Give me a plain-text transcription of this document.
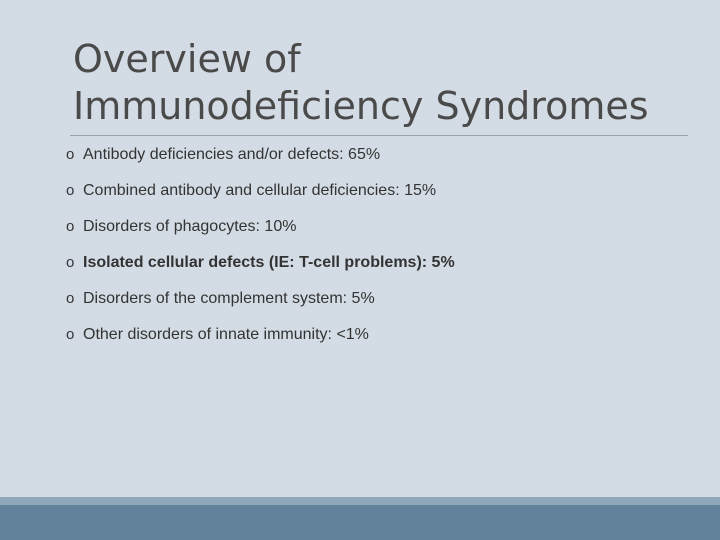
Overview of
Immunodeficiency Syndromes
o Antibody deficiencies and/or defects: 65%
o Combined antibody and cellular deficiencies: 15%
o Disorders of phagocytes: 10%
o Isolated cellular defects (IE: T-cell problems): 5%
o Disorders of the complement system: 5%
o Other disorders of innate immunity: <1%
